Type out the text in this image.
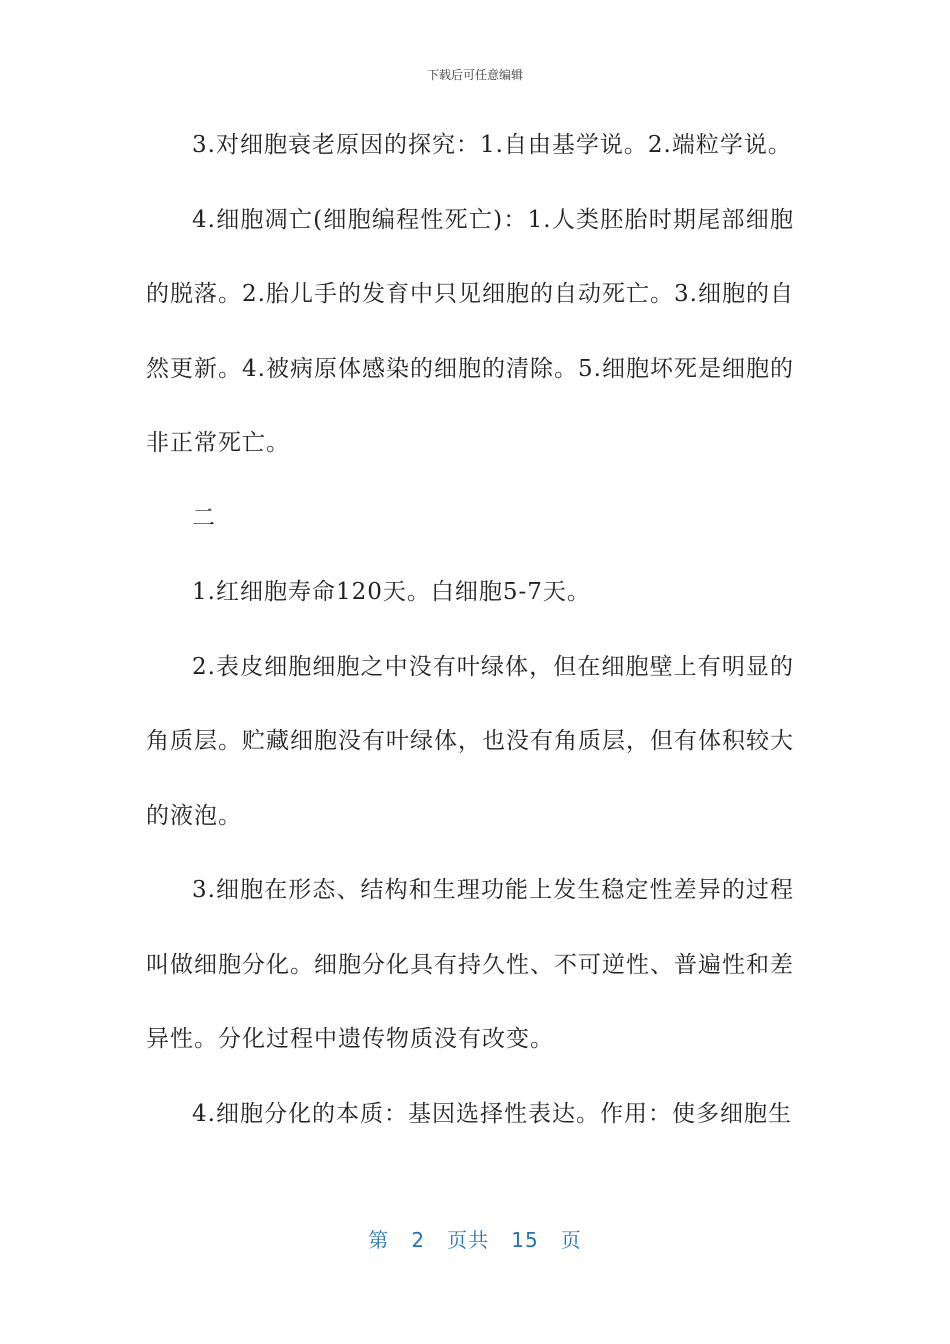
下载后可任意编辑

3.对细胞衰老原因的探究：1.自由基学说。2.端粒学说。

4.细胞凋亡(细胞编程性死亡)：1.人类胚胎时期尾部细胞的脱落。2.胎儿手的发育中只见细胞的自动死亡。3.细胞的自然更新。4.被病原体感染的细胞的清除。5.细胞坏死是细胞的非正常死亡。

二

1.红细胞寿命120天。白细胞5-7天。

2.表皮细胞细胞之中没有叶绿体，但在细胞壁上有明显的角质层。贮藏细胞没有叶绿体，也没有角质层，但有体积较大的液泡。

3.细胞在形态、结构和生理功能上发生稳定性差异的过程叫做细胞分化。细胞分化具有持久性、不可逆性、普遍性和差异性。分化过程中遗传物质没有改变。

4.细胞分化的本质：基因选择性表达。作用：使多细胞生

第 2 页共 15 页
